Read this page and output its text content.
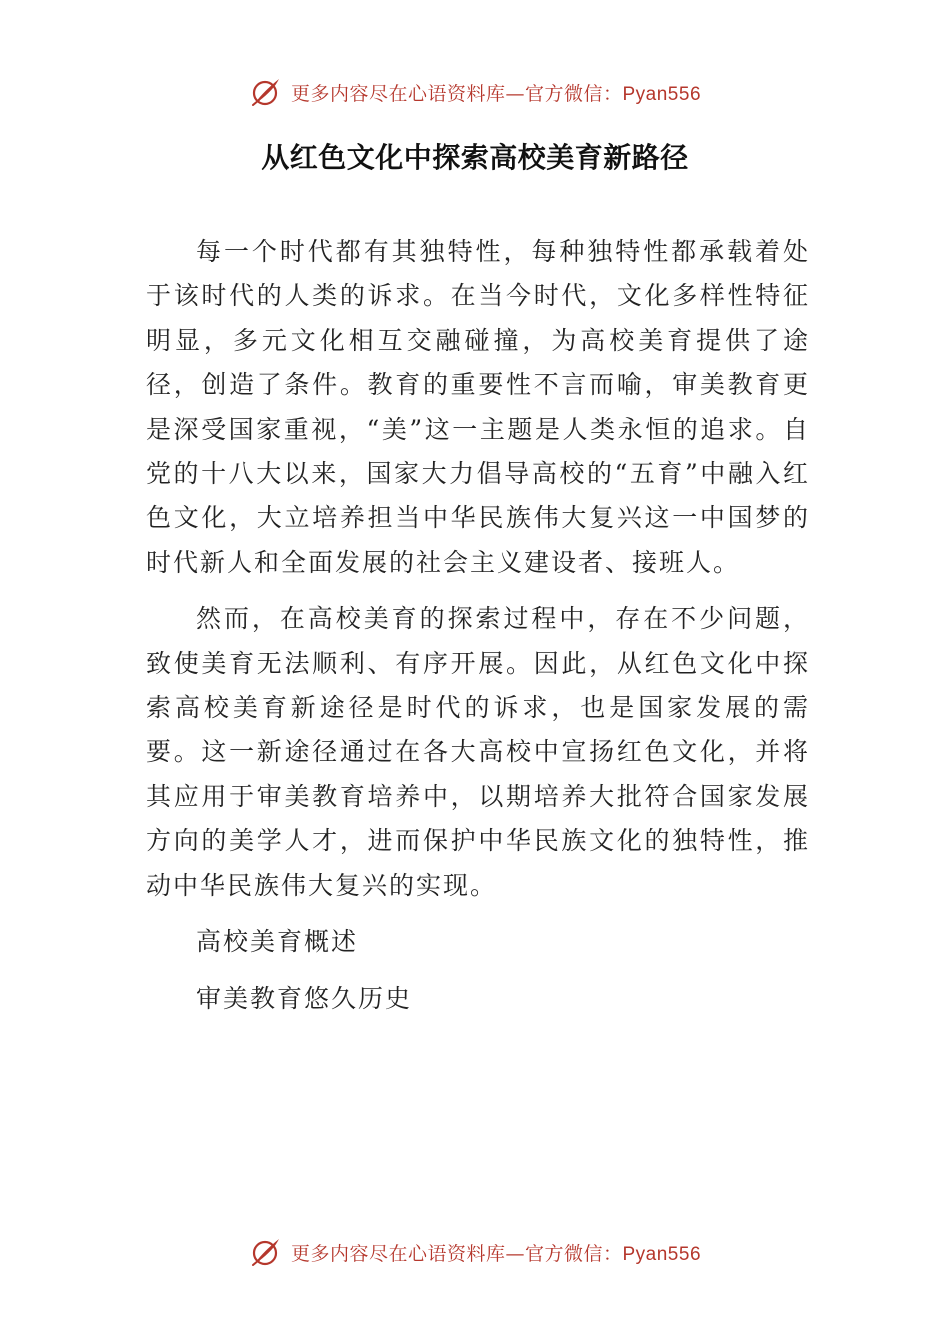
更多内容尽在心语资料库—官方微信：Pyan556
从红色文化中探索高校美育新路径

每一个时代都有其独特性，每种独特性都承载着处于该时代的人类的诉求。在当今时代，文化多样性特征明显，多元文化相互交融碰撞，为高校美育提供了途径，创造了条件。教育的重要性不言而喻，审美教育更是深受国家重视，“美”这一主题是人类永恒的追求。自党的十八大以来，国家大力倡导高校的“五育”中融入红色文化，大立培养担当中华民族伟大复兴这一中国梦的时代新人和全面发展的社会主义建设者、接班人。

然而，在高校美育的探索过程中，存在不少问题，致使美育无法顺利、有序开展。因此，从红色文化中探索高校美育新途径是时代的诉求，也是国家发展的需要。这一新途径通过在各大高校中宣扬红色文化，并将其应用于审美教育培养中，以期培养大批符合国家发展方向的美学人才，进而保护中华民族文化的独特性，推动中华民族伟大复兴的实现。

高校美育概述

审美教育悠久历史

更多内容尽在心语资料库—官方微信：Pyan556
